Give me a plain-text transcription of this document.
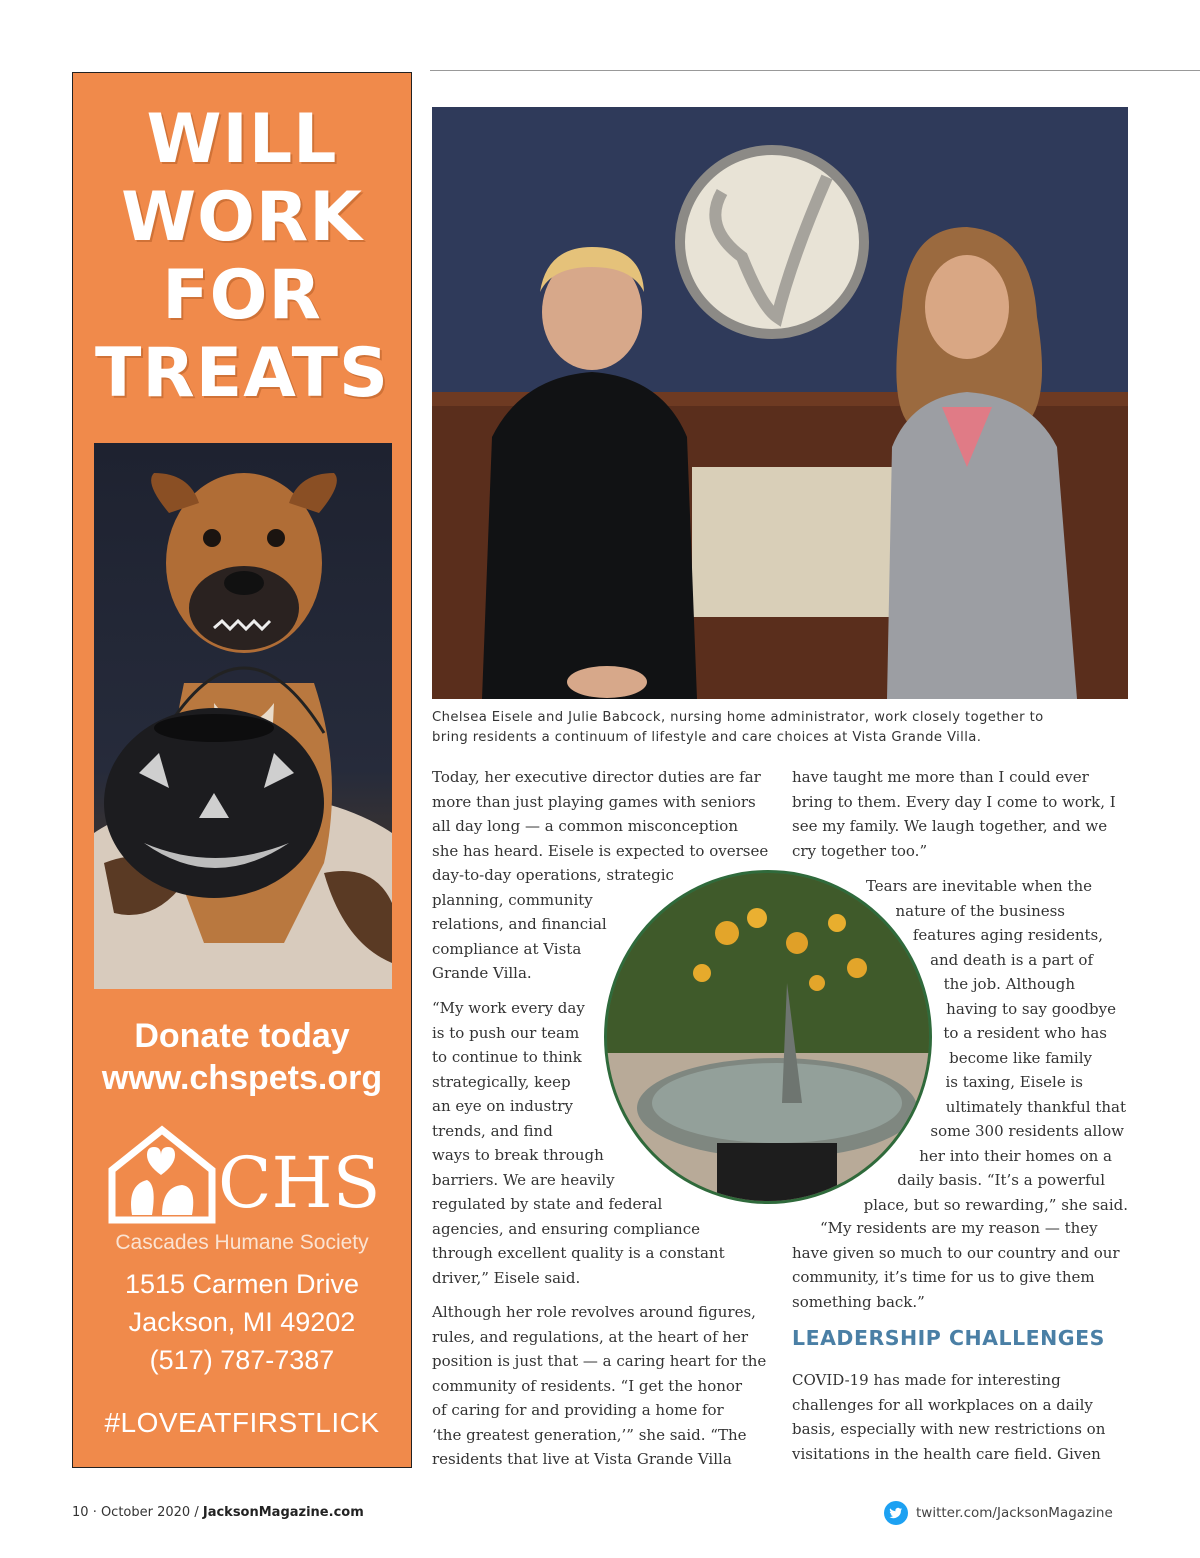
WILL
WORK
FOR
TREATS
Donate today
www.chspets.org
CHS
Cascades Humane Society
1515 Carmen Drive
Jackson, MI 49202
(517) 787-7387
#LOVEATFIRSTLICK
Chelsea Eisele and Julie Babcock, nursing home administrator, work closely together to
bring residents a continuum of lifestyle and care choices at Vista Grande Villa.
Today, her executive director duties are far
more than just playing games with seniors
all day long — a common misconception
she has heard. Eisele is expected to oversee
day-to-day operations, strategic
planning, community
relations, and financial
compliance at Vista
Grande Villa.
“My work every day
is to push our team
to continue to think
strategically, keep
an eye on industry
trends, and find
ways to break through
barriers. We are heavily
regulated by state and federal
agencies, and ensuring compliance
through excellent quality is a constant
driver,” Eisele said.
Although her role revolves around figures,
rules, and regulations, at the heart of her
position is just that — a caring heart for the
community of residents. “I get the honor
of caring for and providing a home for
‘the greatest generation,’” she said. “The
residents that live at Vista Grande Villa
have taught me more than I could ever
bring to them. Every day I come to work, I
see my family. We laugh together, and we
cry together too.”
Tears are inevitable when the
nature of the business
features aging residents,
and death is a part of
the job. Although
having to say goodbye
to a resident who has
become like family
is taxing, Eisele is
ultimately thankful that
some 300 residents allow
her into their homes on a
daily basis. “It’s a powerful
place, but so rewarding,” she said.
“My residents are my reason — they
have given so much to our country and our
community, it’s time for us to give them
something back.”
LEADERSHIP CHALLENGES
COVID-19 has made for interesting
challenges for all workplaces on a daily
basis, especially with new restrictions on
visitations in the health care field. Given
10 · October 2020 / JacksonMagazine.com	twitter.com/JacksonMagazine
